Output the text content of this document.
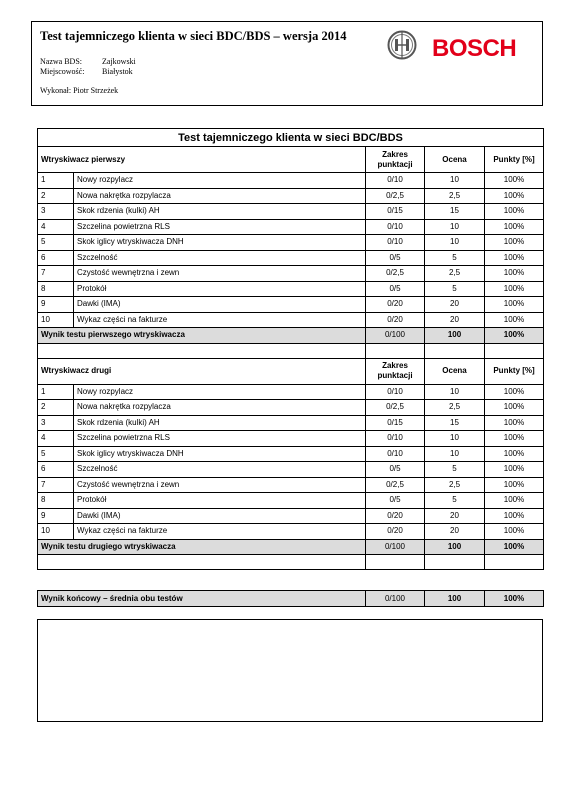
Test tajemniczego klienta w sieci BDC/BDS – wersja 2014
Nazwa BDS:	Zajkowski
Miejscowość: Białystok
Wykonał: Piotr Strzeżek
BOSCH
Test tajemniczego klienta w sieci BDC/BDS				
Wtryskiwacz pierwszy		Zakres punktacji	Ocena	Punkty [%]
1	Nowy rozpylacz	0/10	10	100%
2	Nowa nakrętka rozpylacza	0/2,5	2,5	100%
3	Skok rdzenia (kulki) AH	0/15	15	100%
4	Szczelina powietrzna RLS	0/10	10	100%
5	Skok iglicy wtryskiwacza DNH	0/10	10	100%
6	Szczelność	0/5	5	100%
7	Czystość wewnętrzna i zewn	0/2,5	2,5	100%
8	Protokół	0/5	5	100%
9	Dawki (IMA)	0/20	20	100%
10	Wykaz części na fakturze	0/20	20	100%
Wynik testu pierwszego wtryskiwacza		0/100	100	100%

Wtryskiwacz drugi		Zakres punktacji	Ocena	Punkty [%]
1	Nowy rozpylacz	0/10	10	100%
2	Nowa nakrętka rozpylacza	0/2,5	2,5	100%
3	Skok rdzenia (kulki) AH	0/15	15	100%
4	Szczelina powietrzna RLS	0/10	10	100%
5	Skok iglicy wtryskiwacza DNH	0/10	10	100%
6	Szczelność	0/5	5	100%
7	Czystość wewnętrzna i zewn	0/2,5	2,5	100%
8	Protokół	0/5	5	100%
9	Dawki (IMA)	0/20	20	100%
10	Wykaz części na fakturze	0/20	20	100%
Wynik testu drugiego wtryskiwacza		0/100	100	100%

Wynik końcowy – średnia obu testów	0/100	100	100%
